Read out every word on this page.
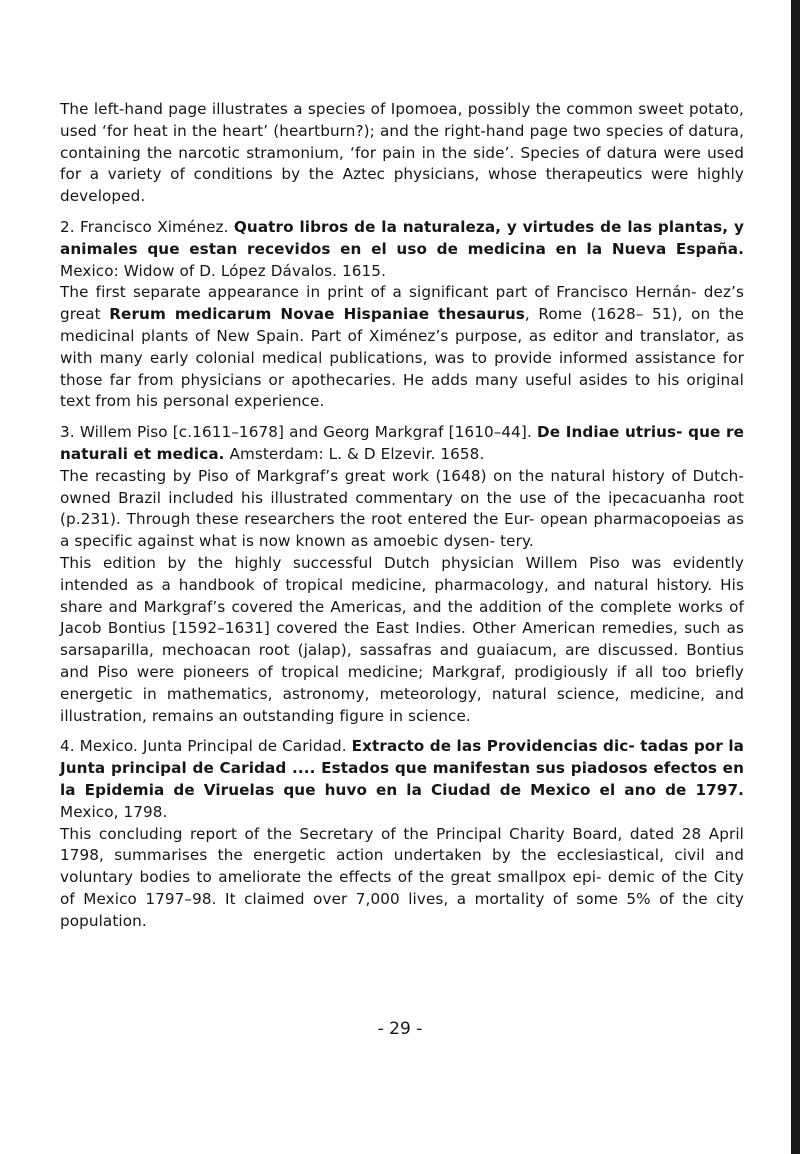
The left-hand page illustrates a species of Ipomoea, possibly the common sweet potato, used ‘for heat in the heart’ (heartburn?); and the right-hand page two species of datura, containing the narcotic stramonium, ‘for pain in the side’. Species of datura were used for a variety of conditions by the Aztec physicians, whose therapeutics were highly developed.

2. Francisco Ximénez. Quatro libros de la naturaleza, y virtudes de las plantas, y animales que estan recevidos en el uso de medicina en la Nueva España. Mexico: Widow of D. López Dávalos. 1615.

The first separate appearance in print of a significant part of Francisco Hernán- dez’s great Rerum medicarum Novae Hispaniae thesaurus, Rome (1628– 51), on the medicinal plants of New Spain. Part of Ximénez’s purpose, as editor and translator, as with many early colonial medical publications, was to provide informed assistance for those far from physicians or apothecaries. He adds many useful asides to his original text from his personal experience.

3. Willem Piso [c.1611–1678] and Georg Markgraf [1610–44]. De Indiae utrius- que re naturali et medica. Amsterdam: L. & D Elzevir. 1658.

The recasting by Piso of Markgraf’s great work (1648) on the natural history of Dutch-owned Brazil included his illustrated commentary on the use of the ipecacuanha root (p.231). Through these researchers the root entered the Eur- opean pharmacopoeias as a specific against what is now known as amoebic dysen- tery.

This edition by the highly successful Dutch physician Willem Piso was evidently intended as a handbook of tropical medicine, pharmacology, and natural history. His share and Markgraf’s covered the Americas, and the addition of the complete works of Jacob Bontius [1592–1631] covered the East Indies. Other American remedies, such as sarsaparilla, mechoacan root (jalap), sassafras and guaiacum, are discussed. Bontius and Piso were pioneers of tropical medicine; Markgraf, prodigiously if all too briefly energetic in mathematics, astronomy, meteorology, natural science, medicine, and illustration, remains an outstanding figure in science.

4. Mexico. Junta Principal de Caridad. Extracto de las Providencias dic- tadas por la Junta principal de Caridad .... Estados que manifestan sus piadosos efectos en la Epidemia de Viruelas que huvo en la Ciudad de Mexico el ano de 1797. Mexico, 1798.

This concluding report of the Secretary of the Principal Charity Board, dated 28 April 1798, summarises the energetic action undertaken by the ecclesiastical, civil and voluntary bodies to ameliorate the effects of the great smallpox epi- demic of the City of Mexico 1797–98. It claimed over 7,000 lives, a mortality of some 5% of the city population.

- 29 -
